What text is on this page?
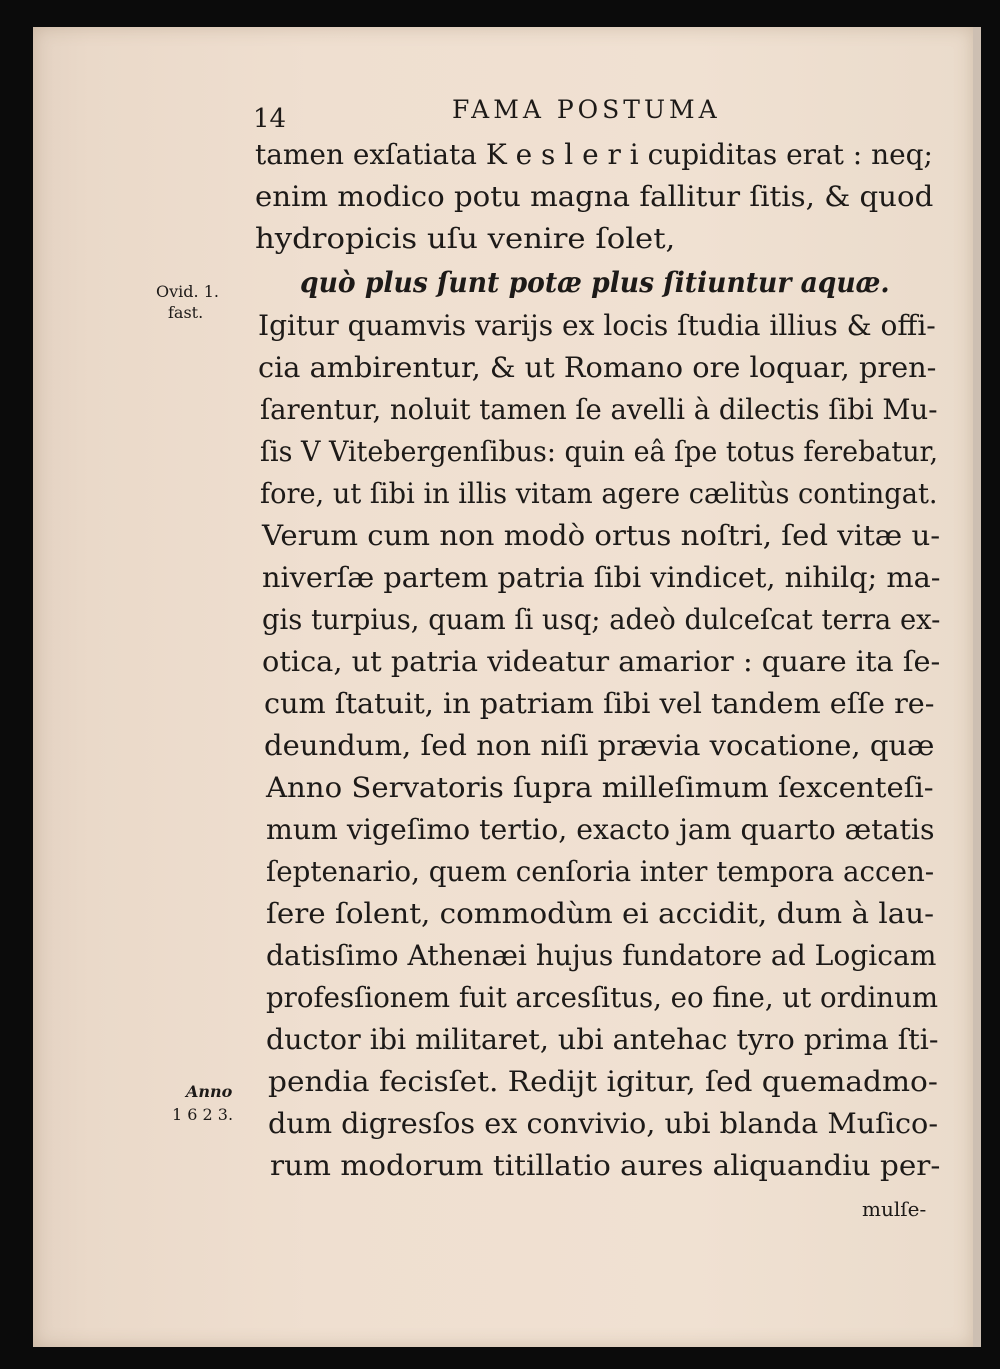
14	FAMA POSTUMA
Ovid. 1.
fast.
Anno
1 6 2 3.
tamen exſatiata K e s l e r i cupiditas erat : neq;
enim modico potu magna fallitur ſitis, & quod
hydropicis uſu venire ſolet,
quò plus ſunt potæ plus ſitiuntur aquæ.
Igitur quamvis varijs ex locis ſtudia illius & offi-
cia ambirentur, & ut Romano ore loquar, pren-
ſarentur, noluit tamen ſe avelli à dilectis ſibi Mu-
ſis V Vitebergenſibus: quin eâ ſpe totus ferebatur,
fore, ut ſibi in illis vitam agere cælitùs contingat.
Verum cum non modò ortus noſtri, ſed vitæ u-
niverſæ partem patria ſibi vindicet, nihilq; ma-
gis turpius, quam ſi usq; adeò dulceſcat terra ex-
otica, ut patria videatur amarior : quare ita ſe-
cum ſtatuit, in patriam ſibi vel tandem eſſe re-
deundum, ſed non niſi prævia vocatione, quæ
Anno Servatoris ſupra milleſimum ſexcenteſi-
mum vigeſimo tertio, exacto jam quarto ætatis
ſeptenario, quem cenſoria inter tempora accen-
ſere ſolent, commodùm ei accidit, dum à lau-
datisſimo Athenæi hujus fundatore ad Logicam
profesſionem fuit arcesſitus, eo fine, ut ordinum
ductor ibi militaret, ubi antehac tyro prima ſti-
pendia fecisſet. Redijt igitur, ſed quemadmo-
dum digresſos ex convivio, ubi blanda Muſico-
rum modorum titillatio aures aliquandiu per-
mulſe-
